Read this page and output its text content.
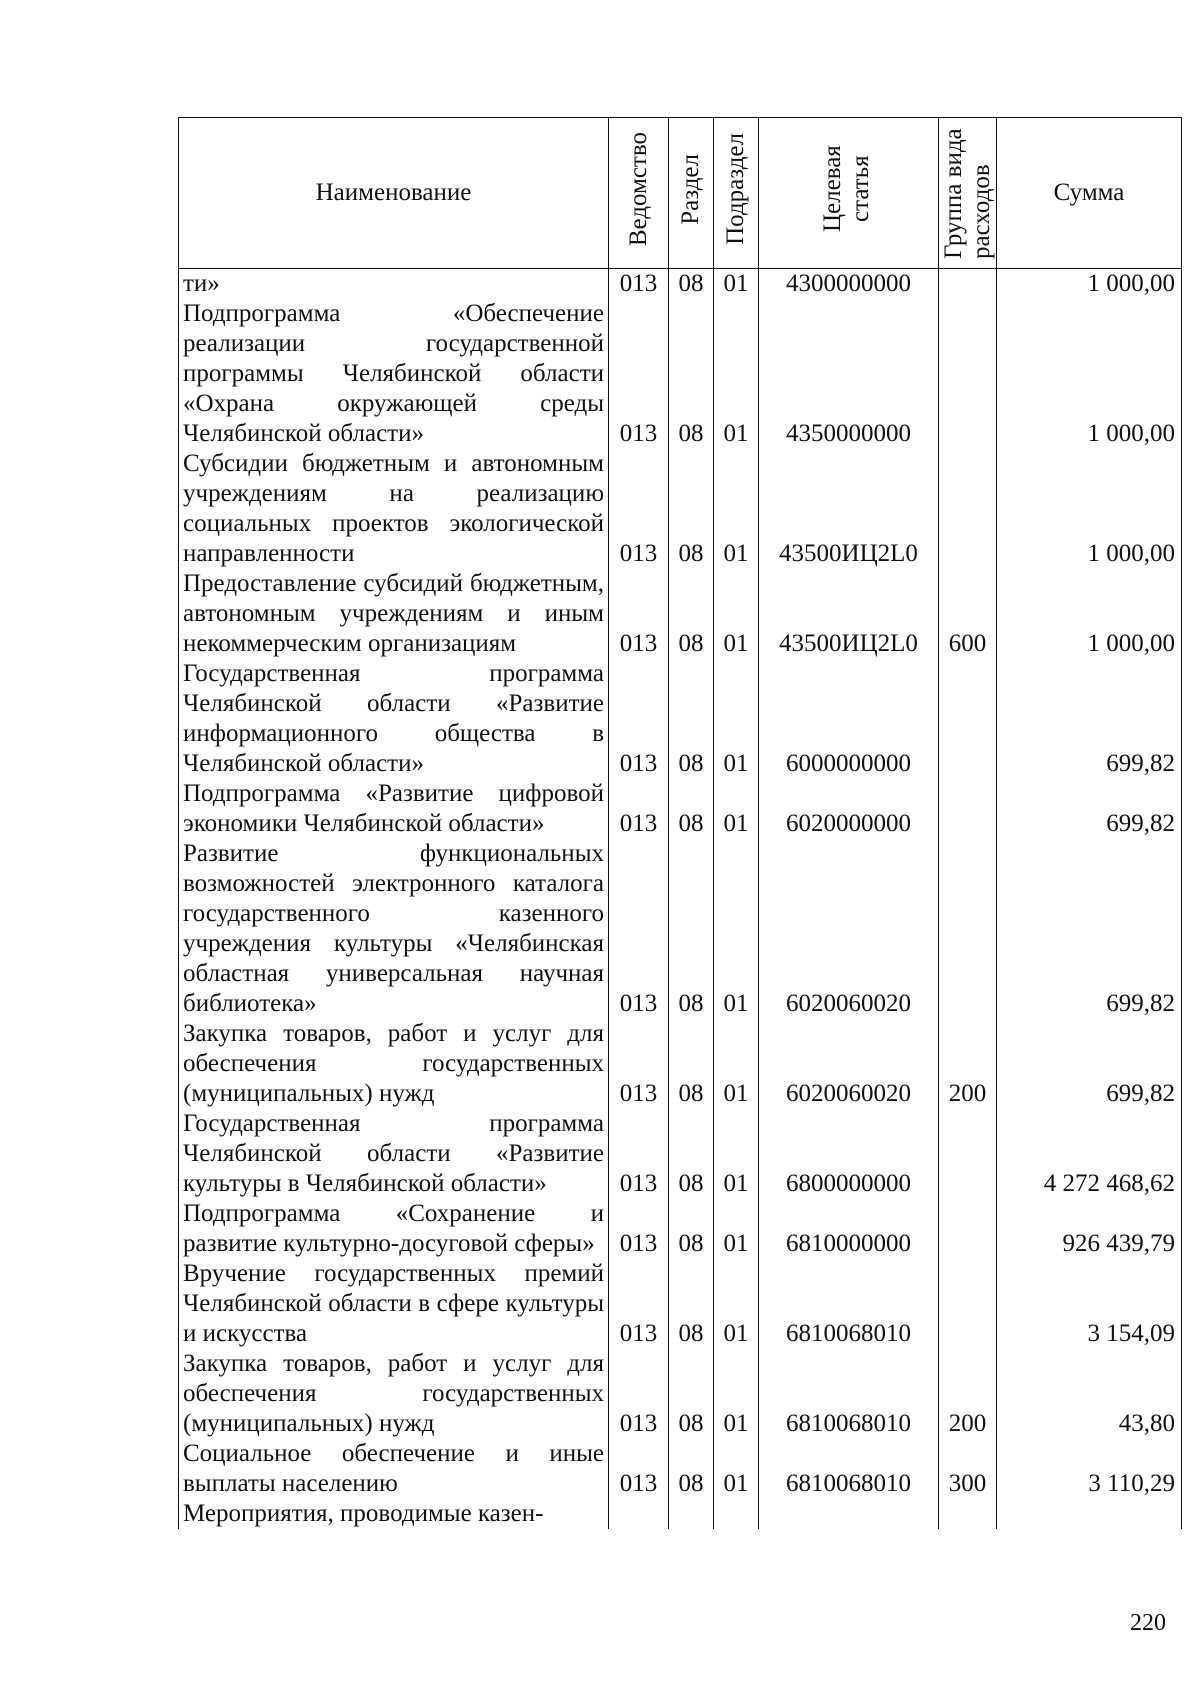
Наименование	Ведомство	Раздел	Подраздел	Целевая статья	Группа вида расходов	Сумма
ти»	013	08	01	4300000000		1 000,00
Подпрограмма «Обеспечение реализации государственной программы Челябинской области «Охрана окружающей среды Челябинской области»	013	08	01	4350000000		1 000,00
Субсидии бюджетным и автономным учреждениям на реализацию социальных проектов экологической направленности	013	08	01	43500ИЦ2L0		1 000,00
Предоставление субсидий бюджетным, автономным учреждениям и иным некоммерческим организациям	013	08	01	43500ИЦ2L0	600	1 000,00
Государственная программа Челябинской области «Развитие информационного общества в Челябинской области»	013	08	01	6000000000		699,82
Подпрограмма «Развитие цифровой экономики Челябинской области»	013	08	01	6020000000		699,82
Развитие функциональных возможностей электронного каталога государственного казенного учреждения культуры «Челябинская областная универсальная научная библиотека»	013	08	01	6020060020		699,82
Закупка товаров, работ и услуг для обеспечения государственных (муниципальных) нужд	013	08	01	6020060020	200	699,82
Государственная программа Челябинской области «Развитие культуры в Челябинской области»	013	08	01	6800000000		4 272 468,62
Подпрограмма «Сохранение и развитие культурно-досуговой сферы»	013	08	01	6810000000		926 439,79
Вручение государственных премий Челябинской области в сфере культуры и искусства	013	08	01	6810068010		3 154,09
Закупка товаров, работ и услуг для обеспечения государственных (муниципальных) нужд	013	08	01	6810068010	200	43,80
Социальное обеспечение и иные выплаты населению	013	08	01	6810068010	300	3 110,29
Мероприятия, проводимые казен-						
220
